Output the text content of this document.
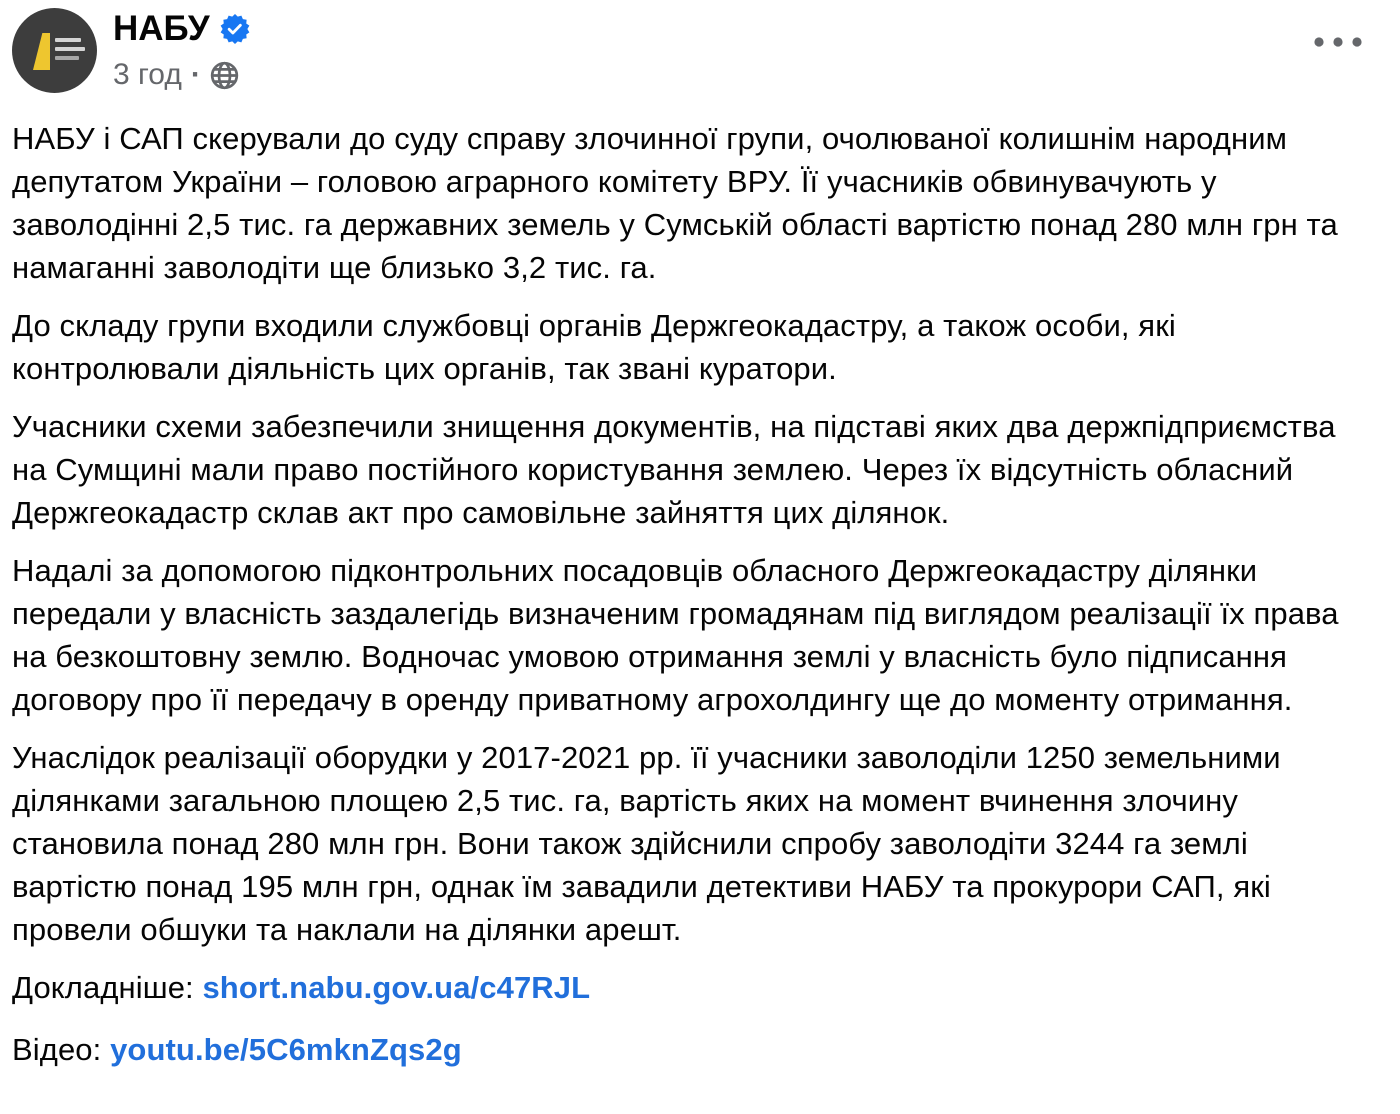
НАБУ
3 год ·

НАБУ і САП скерували до суду справу злочинної групи, очолюваної колишнім народним депутатом України – головою аграрного комітету ВРУ. Її учасників обвинувачують у заволодінні 2,5 тис. га державних земель у Сумській області вартістю понад 280 млн грн та намаганні заволодіти ще близько 3,2 тис. га.

До складу групи входили службовці органів Держгеокадастру, а також особи, які контролювали діяльність цих органів, так звані куратори.

Учасники схеми забезпечили знищення документів, на підставі яких два держпідприємства на Сумщині мали право постійного користування землею. Через їх відсутність обласний Держгеокадастр склав акт про самовільне зайняття цих ділянок.

Надалі за допомогою підконтрольних посадовців обласного Держгеокадастру ділянки передали у власність заздалегідь визначеним громадянам під виглядом реалізації їх права на безкоштовну землю. Водночас умовою отримання землі у власність було підписання договору про її передачу в оренду приватному агрохолдингу ще до моменту отримання.

Унаслідок реалізації оборудки у 2017-2021 рр. її учасники заволоділи 1250 земельними ділянками загальною площею 2,5 тис. га, вартість яких на момент вчинення злочину становила понад 280 млн грн. Вони також здійснили спробу заволодіти 3244 га землі вартістю понад 195 млн грн, однак їм завадили детективи НАБУ та прокурори САП, які провели обшуки та наклали на ділянки арешт.

Докладніше: short.nabu.gov.ua/c47RJL
Відео: youtu.be/5C6mknZqs2g
